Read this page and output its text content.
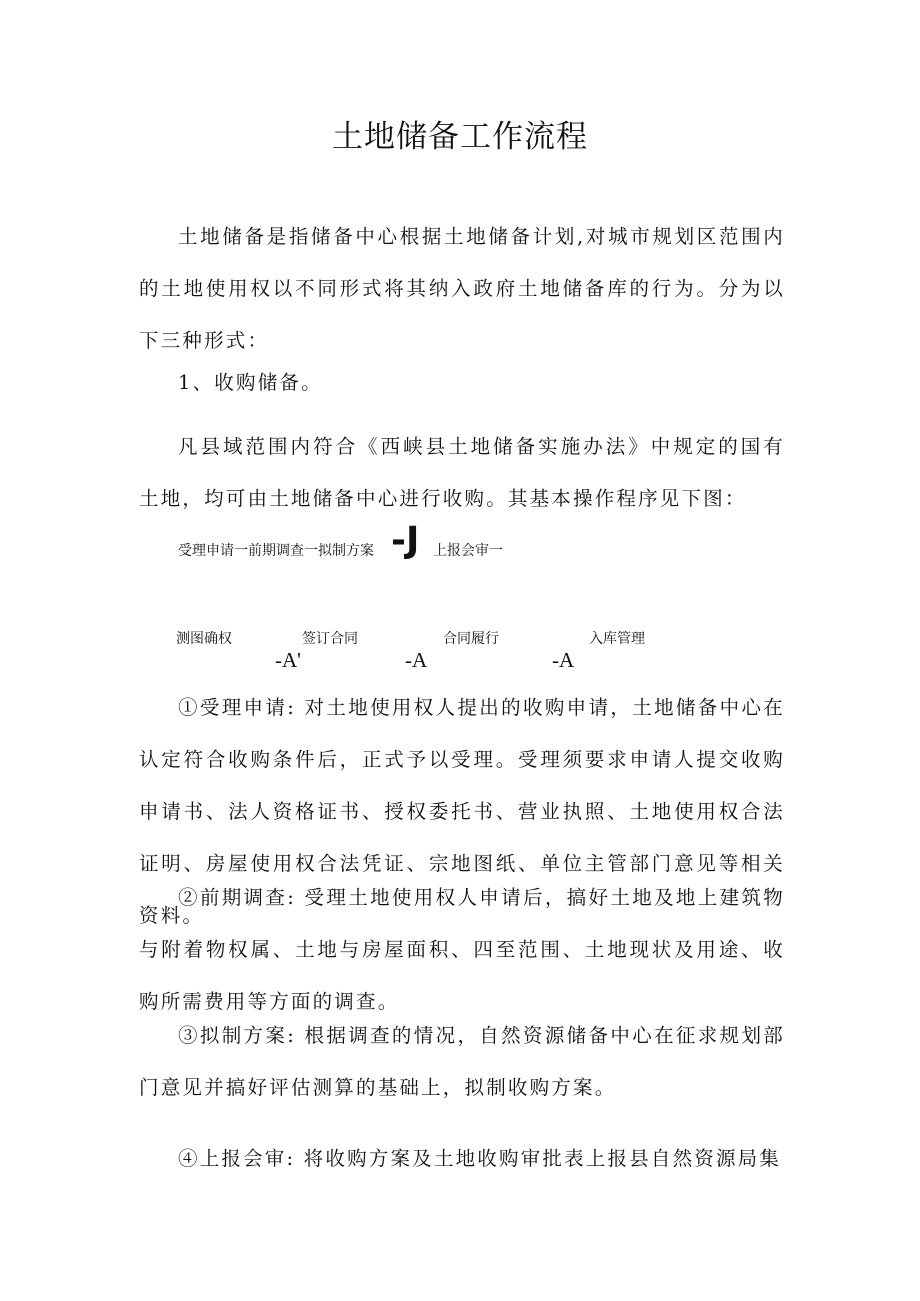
土地储备工作流程

土地储备是指储备中心根据土地储备计划,对城市规划区范围内的土地使用权以不同形式将其纳入政府土地储备库的行为。分为以下三种形式：

1、收购储备。

凡县域范围内符合《西峡县土地储备实施办法》中规定的国有土地，均可由土地储备中心进行收购。其基本操作程序见下图：

受理申请一前期调查一拟制方案 -J 上报会审一
测图确权	签订合同	合同履行	入库管理
-A'	-A	-A

①受理申请: 对土地使用权人提出的收购申请，土地储备中心在认定符合收购条件后，正式予以受理。受理须要求申请人提交收购申请书、法人资格证书、授权委托书、营业执照、土地使用权合法证明、房屋使用权合法凭证、宗地图纸、单位主管部门意见等相关资料。

②前期调查: 受理土地使用权人申请后，搞好土地及地上建筑物与附着物权属、土地与房屋面积、四至范围、土地现状及用途、收购所需费用等方面的调查。

③拟制方案: 根据调查的情况，自然资源储备中心在征求规划部门意见并搞好评估测算的基础上，拟制收购方案。

④上报会审: 将收购方案及土地收购审批表上报县自然资源局集
